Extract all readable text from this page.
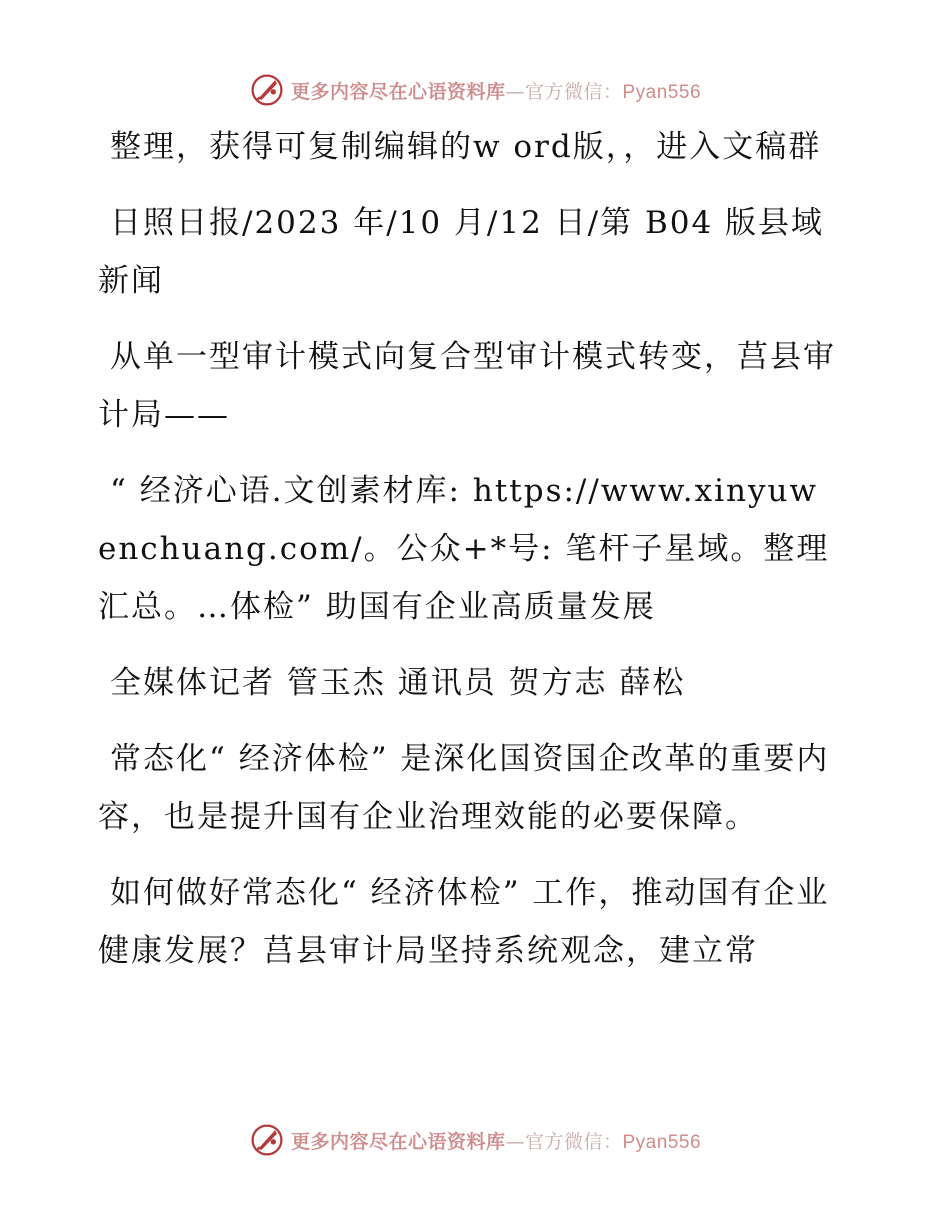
更多内容尽在心语资料库—官方微信：Pyan556

整理，获得可复制编辑的w ord版，，进入文稿群

日照日报/2023 年/10 月/12 日/第 B04 版县域新闻

从单一型审计模式向复合型审计模式转变，莒县审计局——

“ 经济心语.文创素材库: https://www.xinyuwenchuang.com/。公众+*号: 笔杆子星域。整理汇总。…体检” 助国有企业高质量发展

全媒体记者 管玉杰 通讯员 贺方志 薛松

常态化“ 经济体检” 是深化国资国企改革的重要内容，也是提升国有企业治理效能的必要保障。

如何做好常态化“ 经济体检” 工作，推动国有企业健康发展？莒县审计局坚持系统观念，建立常

更多内容尽在心语资料库—官方微信：Pyan556
